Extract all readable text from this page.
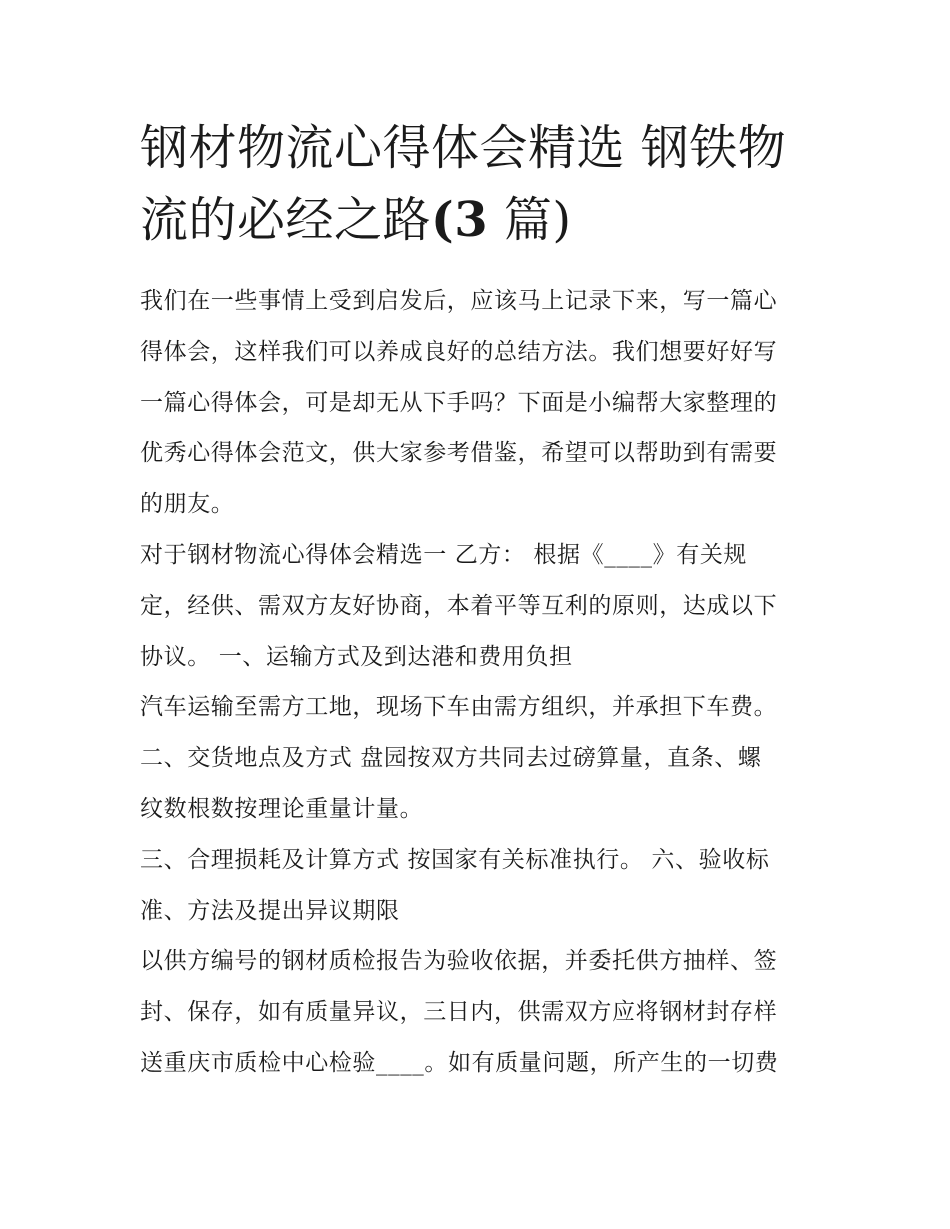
钢材物流心得体会精选 钢铁物
流的必经之路(3 篇)
我们在一些事情上受到启发后，应该马上记录下来，写一篇心
得体会，这样我们可以养成良好的总结方法。我们想要好好写
一篇心得体会，可是却无从下手吗？下面是小编帮大家整理的
优秀心得体会范文，供大家参考借鉴，希望可以帮助到有需要
的朋友。
对于钢材物流心得体会精选一 乙方： 根据《____》有关规
定，经供、需双方友好协商，本着平等互利的原则，达成以下
协议。 一、运输方式及到达港和费用负担
汽车运输至需方工地，现场下车由需方组织，并承担下车费。
二、交货地点及方式 盘园按双方共同去过磅算量，直条、螺
纹数根数按理论重量计量。
三、合理损耗及计算方式 按国家有关标准执行。 六、验收标
准、方法及提出异议期限
以供方编号的钢材质检报告为验收依据，并委托供方抽样、签
封、保存，如有质量异议，三日内，供需双方应将钢材封存样
送重庆市质检中心检验____。如有质量问题，所产生的一切费
